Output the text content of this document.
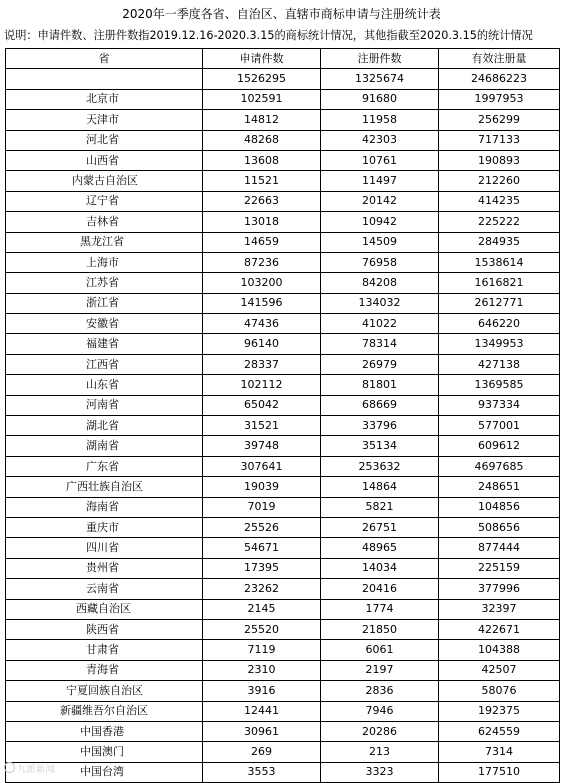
2020年一季度各省、自治区、直辖市商标申请与注册统计表
说明：申请件数、注册件数指2019.12.16-2020.3.15的商标统计情况，其他指截至2020.3.15的统计情况
省	申请件数	注册件数	有效注册量
	1526295	1325674	24686223
北京市	102591	91680	1997953
天津市	14812	11958	256299
河北省	48268	42303	717133
山西省	13608	10761	190893
内蒙古自治区	11521	11497	212260
辽宁省	22663	20142	414235
吉林省	13018	10942	225222
黑龙江省	14659	14509	284935
上海市	87236	76958	1538614
江苏省	103200	84208	1616821
浙江省	141596	134032	2612771
安徽省	47436	41022	646220
福建省	96140	78314	1349953
江西省	28337	26979	427138
山东省	102112	81801	1369585
河南省	65042	68669	937334
湖北省	31521	33796	577001
湖南省	39748	35134	609612
广东省	307641	253632	4697685
广西壮族自治区	19039	14864	248651
海南省	7019	5821	104856
重庆市	25526	26751	508656
四川省	54671	48965	877444
贵州省	17395	14034	225159
云南省	23262	20416	377996
西藏自治区	2145	1774	32397
陕西省	25520	21850	422671
甘肃省	7119	6061	104388
青海省	2310	2197	42507
宁夏回族自治区	3916	2836	58076
新疆维吾尔自治区	12441	7946	192375
中国香港	30961	20286	624559
中国澳门	269	213	7314
中国台湾	3553	3323	177510
九派新闻
